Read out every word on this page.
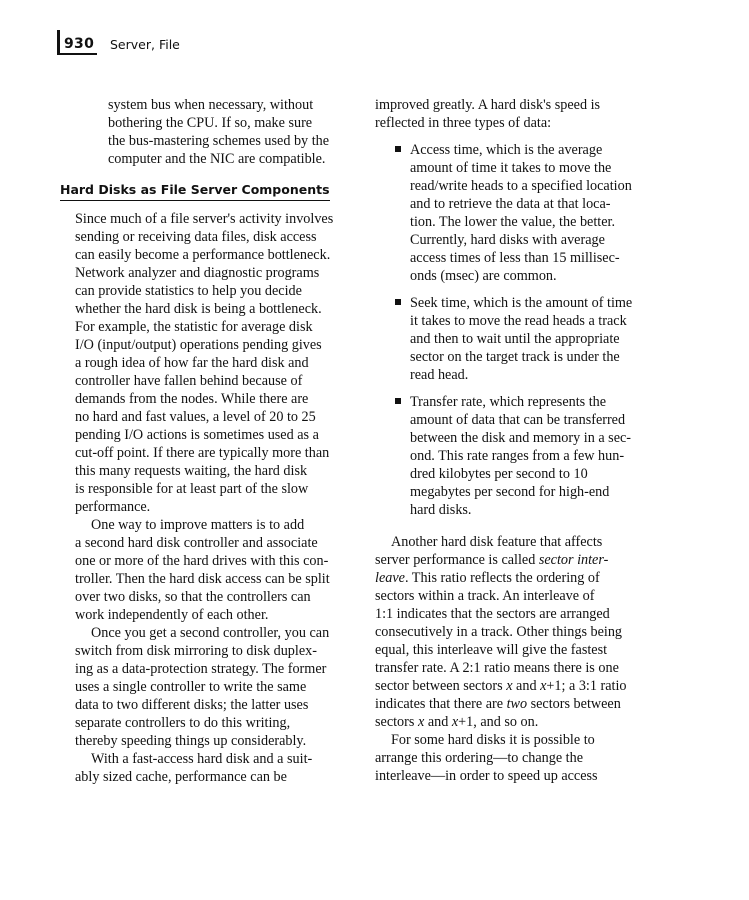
930 Server, File
system bus when necessary, without
bothering the CPU. If so, make sure
the bus-mastering schemes used by the
computer and the NIC are compatible.
Hard Disks as File Server Components

Since much of a file server's activity involves
sending or receiving data files, disk access
can easily become a performance bottleneck.
Network analyzer and diagnostic programs
can provide statistics to help you decide
whether the hard disk is being a bottleneck.
For example, the statistic for average disk
I/O (input/output) operations pending gives
a rough idea of how far the hard disk and
controller have fallen behind because of
demands from the nodes. While there are
no hard and fast values, a level of 20 to 25
pending I/O actions is sometimes used as a
cut-off point. If there are typically more than
this many requests waiting, the hard disk
is responsible for at least part of the slow
performance.

One way to improve matters is to add
a second hard disk controller and associate
one or more of the hard drives with this con-
troller. Then the hard disk access can be split
over two disks, so that the controllers can
work independently of each other.

Once you get a second controller, you can
switch from disk mirroring to disk duplex-
ing as a data-protection strategy. The former
uses a single controller to write the same
data to two different disks; the latter uses
separate controllers to do this writing,
thereby speeding things up considerably.

With a fast-access hard disk and a suit-
ably sized cache, performance can be

improved greatly. A hard disk's speed is
reflected in three types of data:

Access time, which is the average
amount of time it takes to move the
read/write heads to a specified location
and to retrieve the data at that loca-
tion. The lower the value, the better.
Currently, hard disks with average
access times of less than 15 millisec-
onds (msec) are common.
Seek time, which is the amount of time
it takes to move the read heads a track
and then to wait until the appropriate
sector on the target track is under the
read head.
Transfer rate, which represents the
amount of data that can be transferred
between the disk and memory in a sec-
ond. This rate ranges from a few hun-
dred kilobytes per second to 10
megabytes per second for high-end
hard disks.

Another hard disk feature that affects
server performance is called sector inter-
leave. This ratio reflects the ordering of
sectors within a track. An interleave of
1:1 indicates that the sectors are arranged
consecutively in a track. Other things being
equal, this interleave will give the fastest
transfer rate. A 2:1 ratio means there is one
sector between sectors x and x+1; a 3:1 ratio
indicates that there are two sectors between
sectors x and x+1, and so on.

For some hard disks it is possible to
arrange this ordering—to change the
interleave—in order to speed up access
